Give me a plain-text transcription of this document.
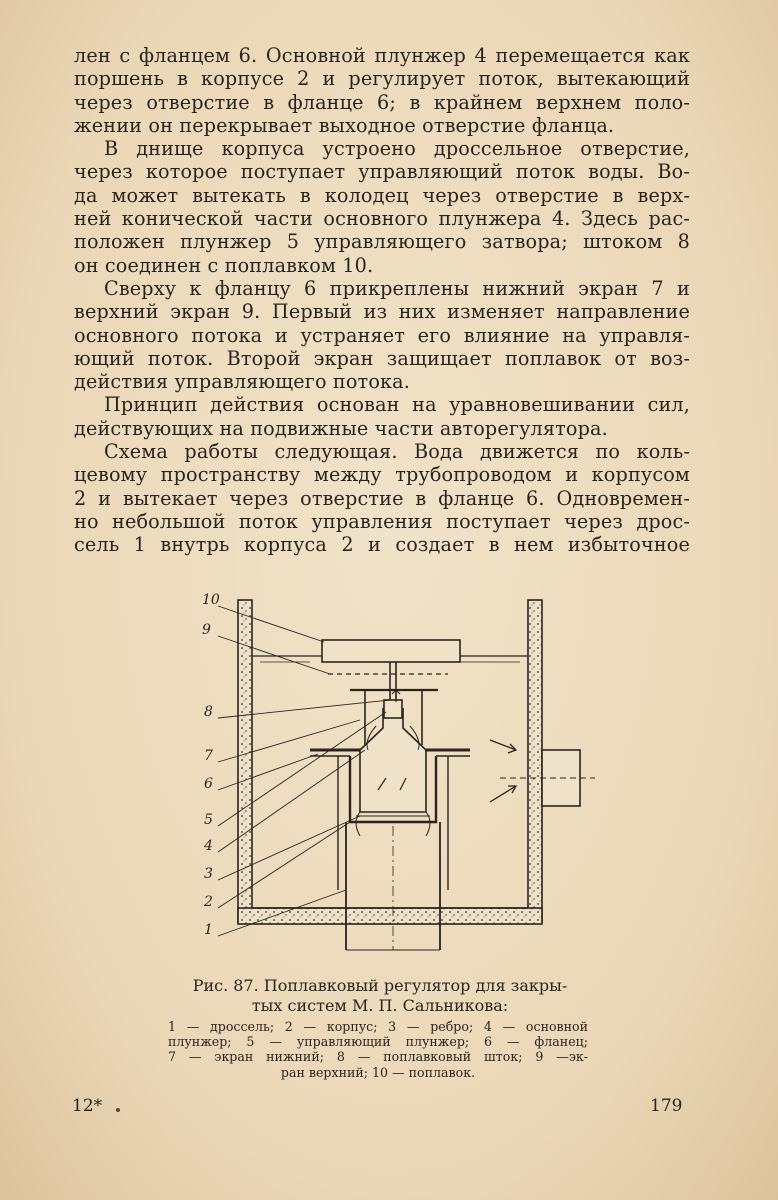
лен с фланцем 6. Основной плунжер 4 перемещается как
поршень в корпусе 2 и регулирует поток, вытекающий
через отверстие в фланце 6; в крайнем верхнем поло-
жении он перекрывает выходное отверстие фланца.
В днище корпуса устроено дроссельное отверстие,
через которое поступает управляющий поток воды. Во-
да может вытекать в колодец через отверстие в верх-
ней конической части основного плунжера 4. Здесь рас-
положен плунжер 5 управляющего затвора; штоком 8
он соединен с поплавком 10.
Сверху к фланцу 6 прикреплены нижний экран 7 и
верхний экран 9. Первый из них изменяет направление
основного потока и устраняет его влияние на управля-
ющий поток. Второй экран защищает поплавок от воз-
действия управляющего потока.
Принцип действия основан на уравновешивании сил,
действующих на подвижные части авторегулятора.
Схема работы следующая. Вода движется по коль-
цевому пространству между трубопроводом и корпусом
2 и вытекает через отверстие в фланце 6. Одновремен-
но небольшой поток управления поступает через дрос-
сель 1 внутрь корпуса 2 и создает в нем избыточное
10
9
8
7
6
5
4
3
2
1
Рис. 87. Поплавковый регулятор для закры-
тых систем М. П. Сальникова:
1 — дроссель; 2 — корпус; 3 — ребро; 4 — основной
плунжер; 5 — управляющий плунжер; 6 — фланец;
7 — экран нижний; 8 — поплавковый шток; 9 —эк-
ран верхний; 10 — поплавок.
12*	179
